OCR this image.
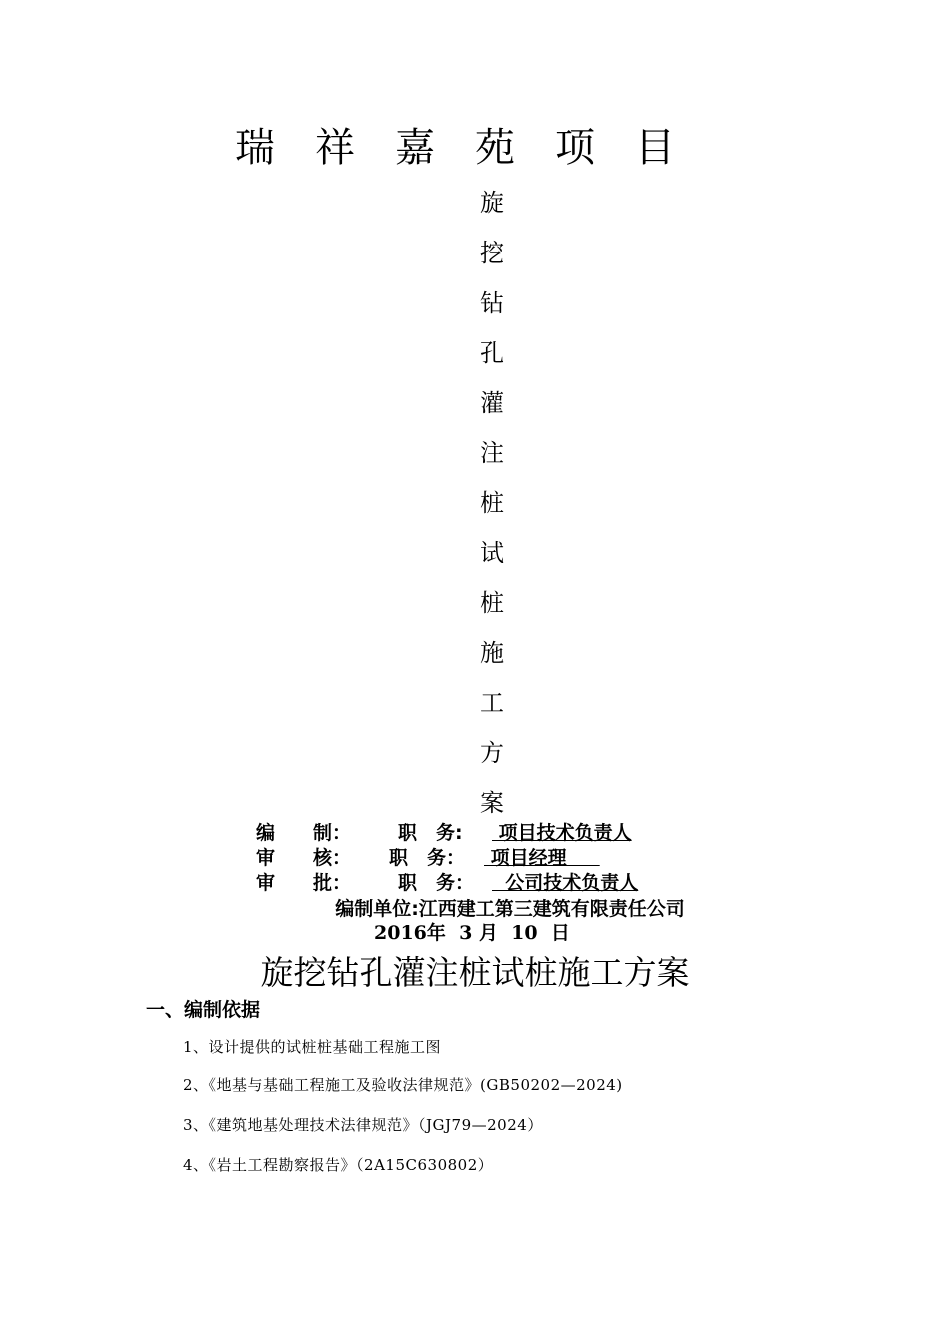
瑞祥嘉苑项目
旋
挖
钻
孔
灌
注
桩
试
桩
施
工
方
案
编　　制： 职　务: 项目技术负责人
审　　核： 职　务： 项目经理
审　　批： 职　务： 公司技术负责人
编制单位:江西建工第三建筑有限责任公司
2016年  3 月  10  日
旋挖钻孔灌注桩试桩施工方案
一、编制依据
1、设计提供的试桩桩基础工程施工图
2、《地基与基础工程施工及验收法律规范》(GB50202—2024)
3、《建筑地基处理技术法律规范》（JGJ79—2024）
4、《岩土工程勘察报告》（2A15C630802）
